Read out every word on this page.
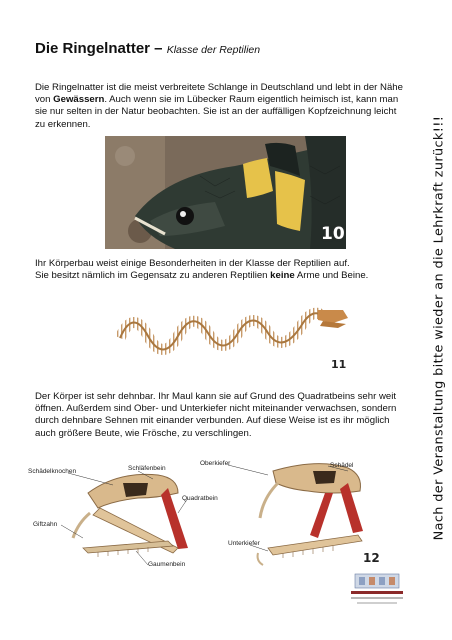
Die Ringelnatter – Klasse der Reptilien
Die Ringelnatter ist die meist verbreitete Schlange in Deutschland und lebt in der Nähe von Gewässern. Auch wenn sie im Lübecker Raum eigentlich heimisch ist, kann man sie nur selten in der Natur beobachten. Sie ist an der auffälligen Kopfzeichnung leicht zu erkennen.
10
Ihr Körperbau weist einige Besonderheiten in der Klasse der Reptilien auf.
Sie besitzt nämlich im Gegensatz zu anderen Reptilien keine Arme und Beine.
11
Der Körper ist sehr dehnbar. Ihr Maul kann sie auf Grund des Quadratbeins sehr weit öffnen. Außerdem sind Ober- und Unterkiefer nicht miteinander verwachsen, sondern durch dehnbare Sehnen mit einander verbunden. Auf diese Weise ist es ihr möglich auch größere Beute, wie Frösche, zu verschlingen.
Schädelknochen	Schläfenbein
Quadratbein
Giftzahn
Gaumenbein
Oberkiefer	Schädel
Unterkiefer
12
Nach der Veranstaltung bitte wieder an die Lehrkraft zurück!!!
